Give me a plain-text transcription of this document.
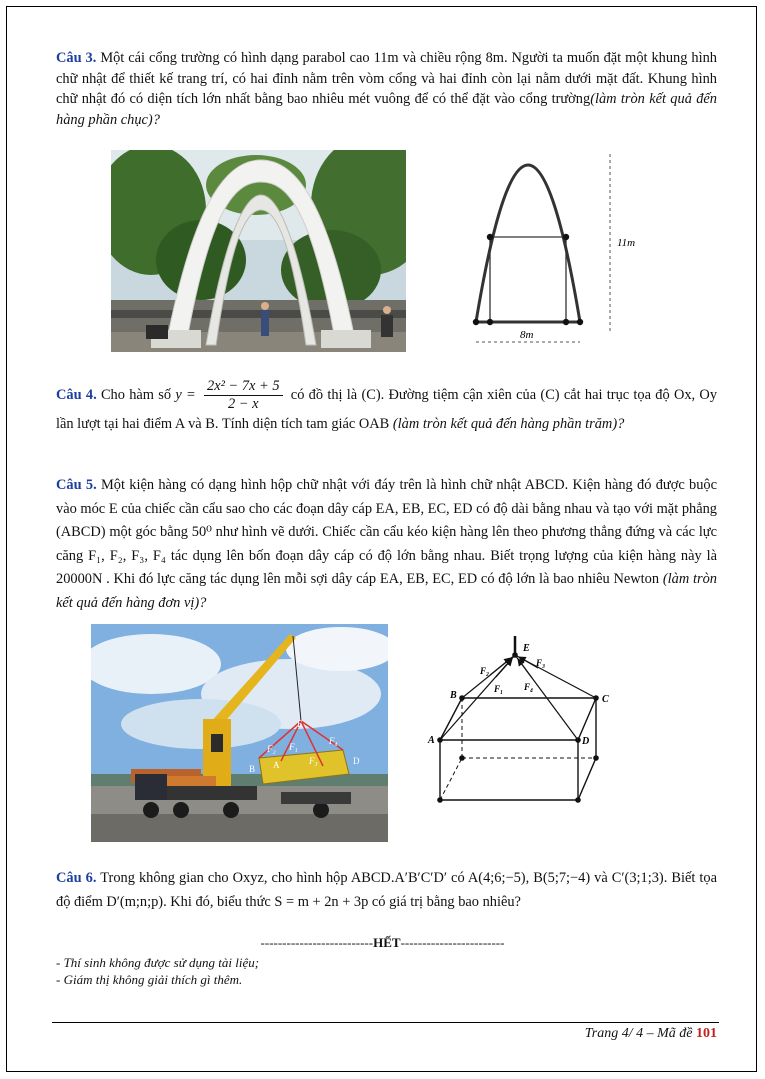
Câu 3. Một cái cổng trường có hình dạng parabol cao 11m và chiều rộng 8m. Người ta muốn đặt một khung hình chữ nhật để thiết kế trang trí, có hai đỉnh nằm trên vòm cổng và hai đỉnh còn lại nằm dưới mặt đất. Khung hình chữ nhật đó có diện tích lớn nhất bằng bao nhiêu mét vuông để có thể đặt vào cổng trường(làm tròn kết quả đến hàng phần chục)?
11m
8m
Câu 4. Cho hàm số $y = \frac{\text{2x² − 7x + 5}}{2 - x}$ có đồ thị là (C). Đường tiệm cận xiên của (C) cắt hai trục tọa độ Ox, Oy lần lượt tại hai điểm A và B. Tính diện tích tam giác OAB (làm tròn kết quả đến hàng phần trăm)?
Câu 5. Một kiện hàng có dạng hình hộp chữ nhật với đáy trên là hình chữ nhật ABCD. Kiện hàng đó được buộc vào móc E của chiếc cần cẩu sao cho các đoạn dây cáp EA, EB, EC, ED có độ dài bằng nhau và tạo với mặt phẳng (ABCD) một góc bằng 50⁰ như hình vẽ dưới. Chiếc cần cẩu kéo kiện hàng lên theo phương thẳng đứng và các lực căng F₁, F₂, F₃, F₄ tác dụng lên bốn đoạn dây cáp có độ lớn bằng nhau. Biết trọng lượng của kiện hàng này là 20000N . Khi đó lực căng tác dụng lên mỗi sợi dây cáp EA, EB, EC, ED có độ lớn là bao nhiêu Newton (làm tròn kết quả đến hàng đơn vị)?
E
B A	D
F₂ F₁
F₃
F₄
E
A
B	C
D
F₂
F₁
F₃
F₄
Câu 6. Trong không gian cho Oxyz, cho hình hộp ABCD.A′B′C′D′ có A(4;6;−5), B(5;7;−4) và C′(3;1;3). Biết tọa độ điểm D′(m;n;p). Khi đó, biểu thức S = m + 2n + 3p có giá trị bằng bao nhiêu?
--------------------------HẾT------------------------
- Thí sinh không được sử dụng tài liệu;
- Giám thị không giải thích gì thêm.
Trang 4/ 4 – Mã đề 101
